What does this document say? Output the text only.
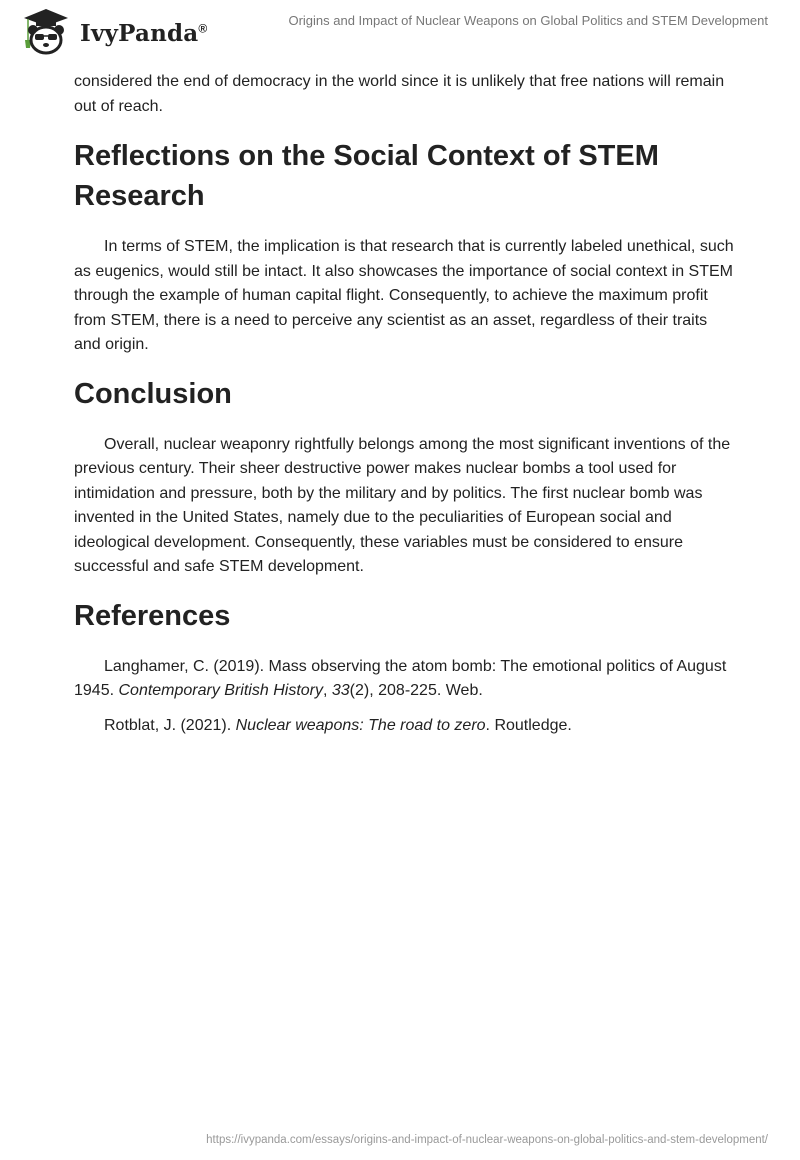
IvyPanda®	Origins and Impact of Nuclear Weapons on Global Politics and STEM Development

considered the end of democracy in the world since it is unlikely that free nations will remain out of reach.

Reflections on the Social Context of STEM Research

In terms of STEM, the implication is that research that is currently labeled unethical, such as eugenics, would still be intact. It also showcases the importance of social context in STEM through the example of human capital flight. Consequently, to achieve the maximum profit from STEM, there is a need to perceive any scientist as an asset, regardless of their traits and origin.

Conclusion

Overall, nuclear weaponry rightfully belongs among the most significant inventions of the previous century. Their sheer destructive power makes nuclear bombs a tool used for intimidation and pressure, both by the military and by politics. The first nuclear bomb was invented in the United States, namely due to the peculiarities of European social and ideological development. Consequently, these variables must be considered to ensure successful and safe STEM development.

References

Langhamer, C. (2019). Mass observing the atom bomb: The emotional politics of August 1945. Contemporary British History, 33(2), 208-225. Web.

Rotblat, J. (2021). Nuclear weapons: The road to zero. Routledge.

https://ivypanda.com/essays/origins-and-impact-of-nuclear-weapons-on-global-politics-and-stem-development/
